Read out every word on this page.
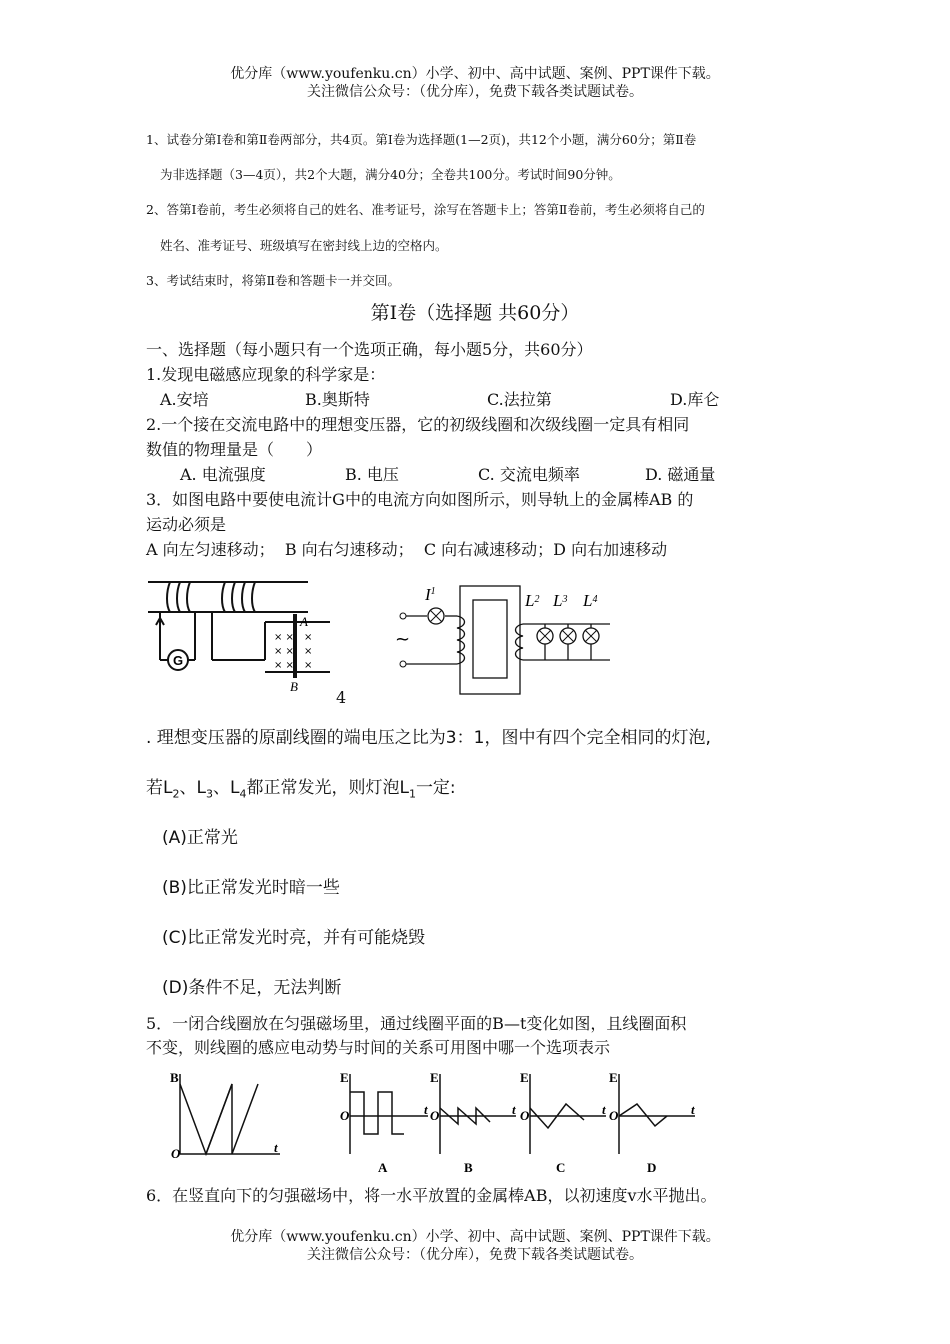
优分库（www.youfenku.cn）小学、初中、高中试题、案例、PPT课件下载。
关注微信公众号：（优分库），免费下载各类试题试卷。
1、试卷分第Ⅰ卷和第Ⅱ卷两部分，共4页。第Ⅰ卷为选择题(1—2页)，共12个小题，满分60分；第Ⅱ卷
为非选择题（3—4页），共2个大题，满分40分；全卷共100分。考试时间90分钟。
2、答第Ⅰ卷前，考生必须将自己的姓名、准考证号，涂写在答题卡上；答第Ⅱ卷前，考生必须将自己的
姓名、准考证号、班级填写在密封线上边的空格内。
3、考试结束时，将第Ⅱ卷和答题卡一并交回。
第Ⅰ卷（选择题 共60分）
一、选择题（每小题只有一个选项正确，每小题5分，共60分）
1.发现电磁感应现象的科学家是：
A.安培	B.奥斯特	C.法拉第	D.库仑
2.一个接在交流电路中的理想变压器，它的初级线圈和次级线圈一定具有相同
数值的物理量是（　　）
A. 电流强度	B. 电压	C. 交流电频率	D. 磁通量
3．如图电路中要使电流计G中的电流方向如图所示，则导轨上的金属棒AB 的
运动必须是
A 向左匀速移动；  B 向右匀速移动；  C 向右减速移动；D 向右加速移动
G
× × ×
× × ×
× × ×
A
B
~
$I^1$	$L^2$ $L^3$ $L^4$
4
. 理想变压器的原副线圈的端电压之比为3：1，图中有四个完全相同的灯泡,
若$L_2$、$L_3$、$L_4$都正常发光，则灯泡$L_1$一定:
(A)正常光
(B)比正常发光时暗一些
(C)比正常发光时亮，并有可能烧毁
(D)条件不足，无法判断
5．一闭合线圈放在匀强磁场里，通过线圈平面的B—t变化如图，且线圈面积
不变，则线圈的感应电动势与时间的关系可用图中哪一个选项表示
B
O	t
E
O	t
A
E
O	t
B
E
O	t
C
E
O	t
D
6．在竖直向下的匀强磁场中，将一水平放置的金属棒AB，以初速度v水平抛出。
优分库（www.youfenku.cn）小学、初中、高中试题、案例、PPT课件下载。
关注微信公众号：（优分库），免费下载各类试题试卷。
